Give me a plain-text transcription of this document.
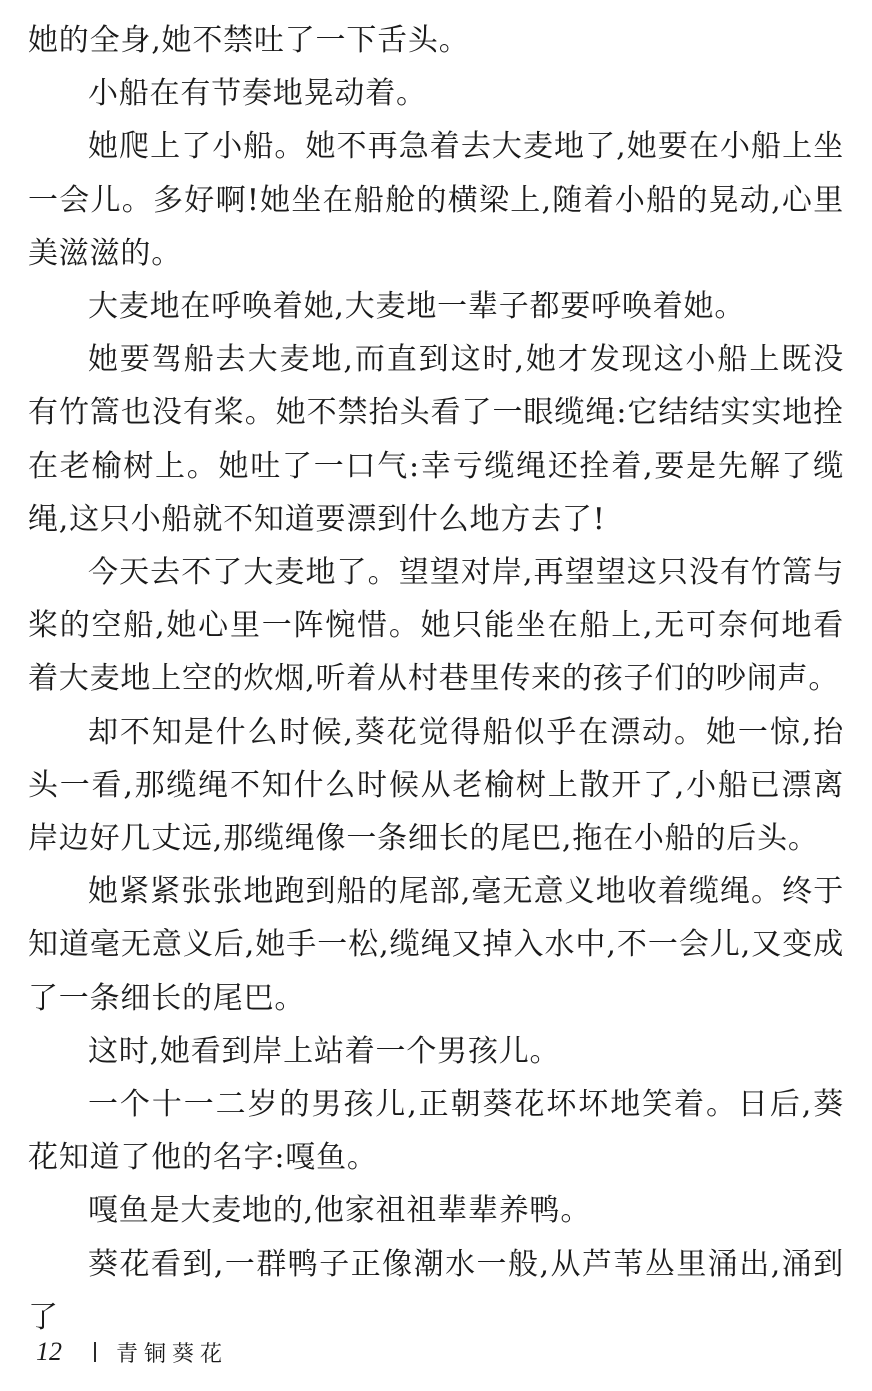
她的全身,她不禁吐了一下舌头。

小船在有节奏地晃动着。

她爬上了小船。她不再急着去大麦地了,她要在小船上坐一会儿。多好啊!她坐在船舱的横梁上,随着小船的晃动,心里美滋滋的。

大麦地在呼唤着她,大麦地一辈子都要呼唤着她。

她要驾船去大麦地,而直到这时,她才发现这小船上既没有竹篙也没有桨。她不禁抬头看了一眼缆绳:它结结实实地拴在老榆树上。她吐了一口气:幸亏缆绳还拴着,要是先解了缆绳,这只小船就不知道要漂到什么地方去了!

今天去不了大麦地了。望望对岸,再望望这只没有竹篙与桨的空船,她心里一阵惋惜。她只能坐在船上,无可奈何地看着大麦地上空的炊烟,听着从村巷里传来的孩子们的吵闹声。

却不知是什么时候,葵花觉得船似乎在漂动。她一惊,抬头一看,那缆绳不知什么时候从老榆树上散开了,小船已漂离岸边好几丈远,那缆绳像一条细长的尾巴,拖在小船的后头。

她紧紧张张地跑到船的尾部,毫无意义地收着缆绳。终于知道毫无意义后,她手一松,缆绳又掉入水中,不一会儿,又变成了一条细长的尾巴。

这时,她看到岸上站着一个男孩儿。

一个十一二岁的男孩儿,正朝葵花坏坏地笑着。日后,葵花知道了他的名字:嘎鱼。

嘎鱼是大麦地的,他家祖祖辈辈养鸭。

葵花看到,一群鸭子正像潮水一般,从芦苇丛里涌出,涌到了

12	青铜葵花
